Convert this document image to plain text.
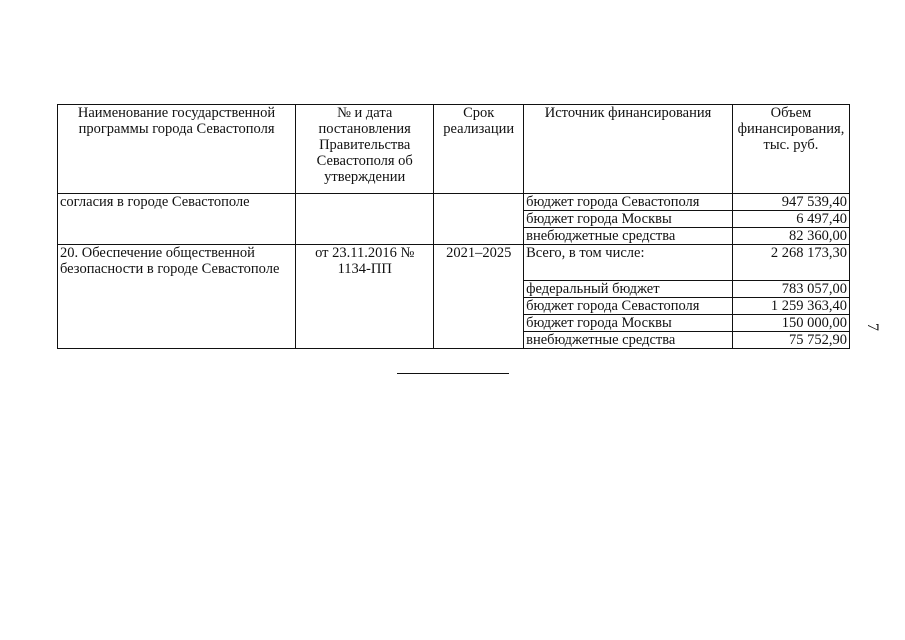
Наименование государственной программы города Севастополя	№ и дата постановления Правительства Севастополя об утверждении	Срок реализации	Источник финансирования	Объем финансирования, тыс. руб.
согласия в городе Севастополе			бюджет города Севастополя	947 539,40
			бюджет города Москвы	6 497,40
			внебюджетные средства	82 360,00
20. Обеспечение общественной безопасности в городе Севастополе	от 23.11.2016 № 1134-ПП	2021–2025	Всего, в том числе:	2 268 173,30
			федеральный бюджет	783 057,00
			бюджет города Севастополя	1 259 363,40
			бюджет города Москвы	150 000,00
			внебюджетные средства	75 752,90
7
